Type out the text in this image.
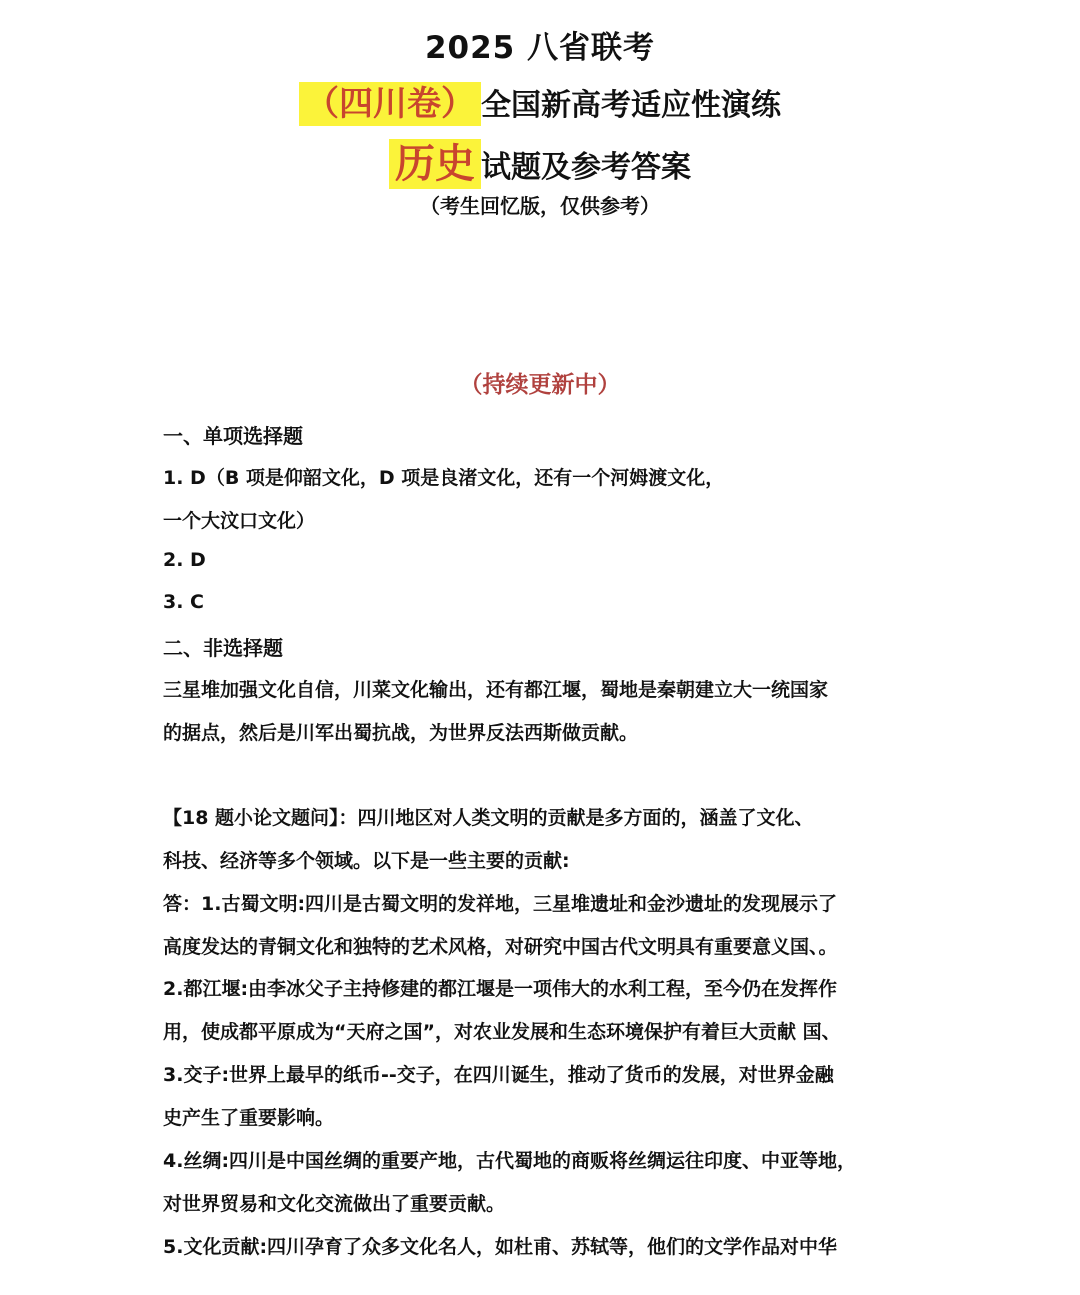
2025 八省联考
（四川卷） 全国新高考适应性演练
历史 试题及参考答案
（考生回忆版，仅供参考）
（持续更新中）
一、单项选择题
1. D（B 项是仰韶文化，D 项是良渚文化，还有一个河姆渡文化，
一个大汶口文化）
2. D
3. C
二、非选择题
三星堆加强文化自信，川菜文化输出，还有都江堰，蜀地是秦朝建立大一统国家
的据点，然后是川军出蜀抗战，为世界反法西斯做贡献。
【18 题小论文题问】：四川地区对人类文明的贡献是多方面的，涵盖了文化、
科技、经济等多个领域。以下是一些主要的贡献:
答：1.古蜀文明:四川是古蜀文明的发祥地，三星堆遗址和金沙遗址的发现展示了
高度发达的青铜文化和独特的艺术风格，对研究中国古代文明具有重要意义国、。
2.都江堰:由李冰父子主持修建的都江堰是一项伟大的水利工程，至今仍在发挥作
用，使成都平原成为“天府之国”，对农业发展和生态环境保护有着巨大贡献 国、
3.交子:世界上最早的纸币--交子，在四川诞生，推动了货币的发展，对世界金融
史产生了重要影响。
4.丝绸:四川是中国丝绸的重要产地，古代蜀地的商贩将丝绸运往印度、中亚等地，
对世界贸易和文化交流做出了重要贡献。
5.文化贡献:四川孕育了众多文化名人，如杜甫、苏轼等，他们的文学作品对中华
